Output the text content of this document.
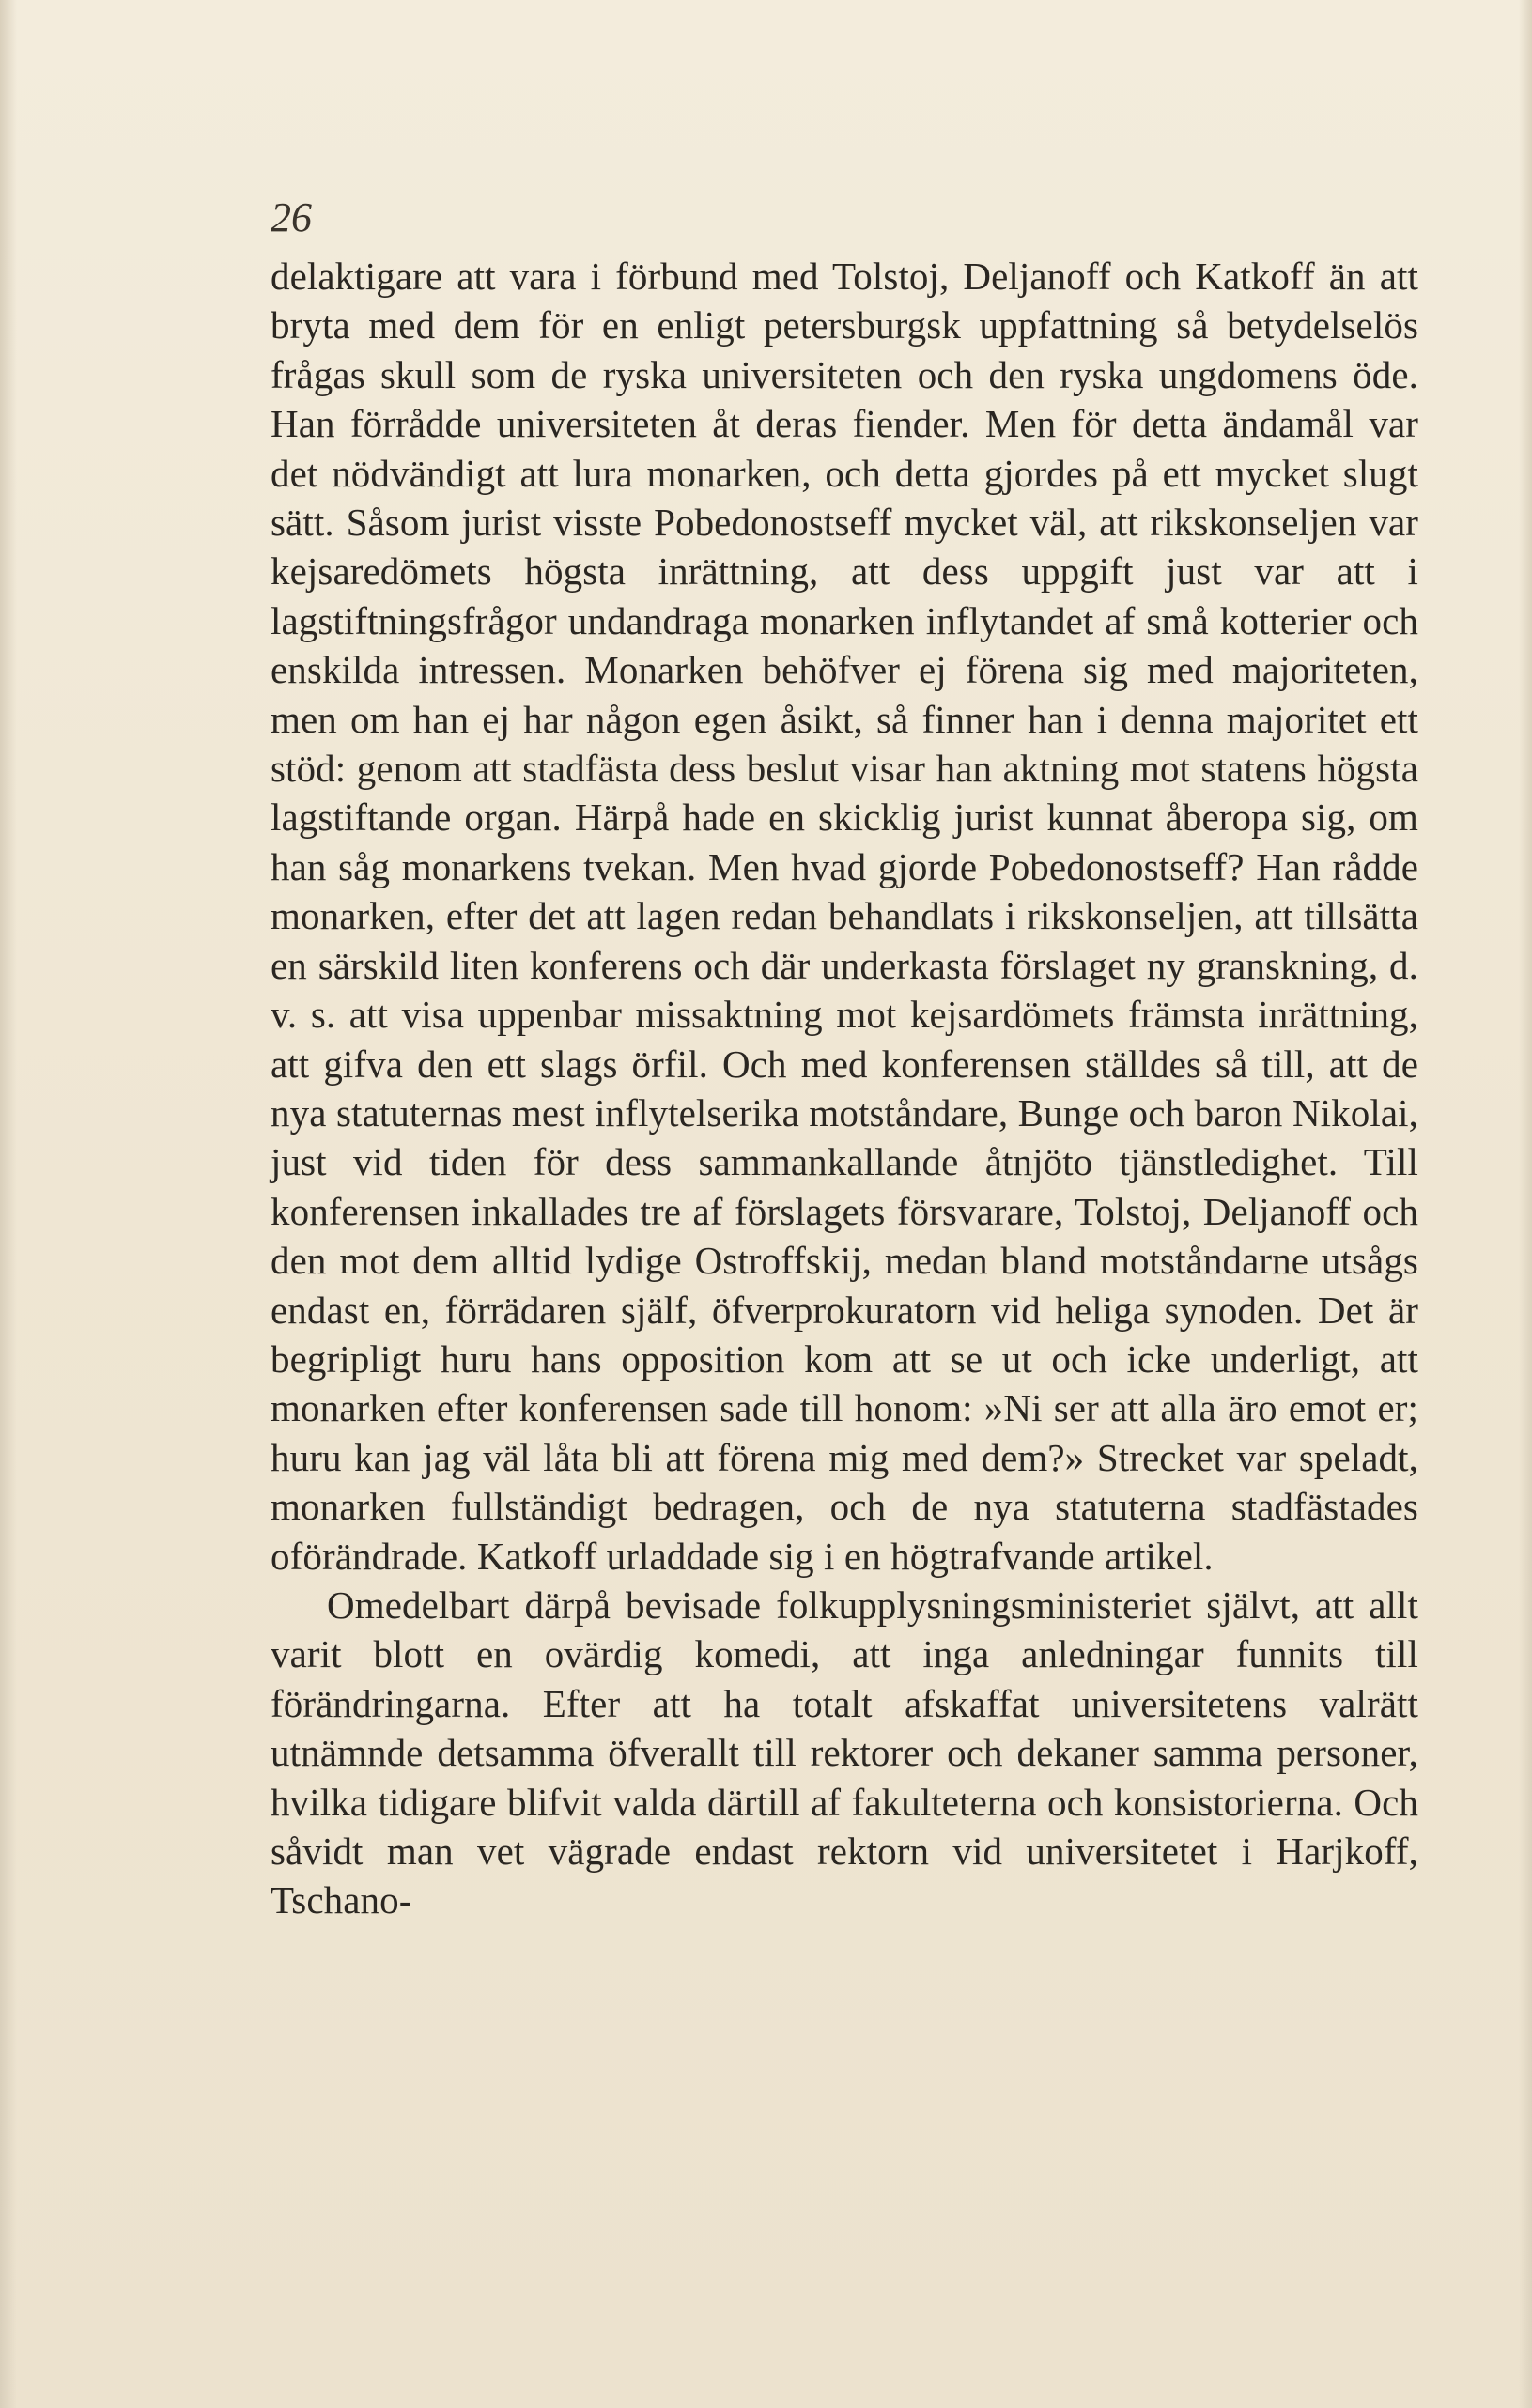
26

delaktigare att vara i förbund med Tolstoj, Deljanoff och Katkoff än att bryta med dem för en enligt petersburgsk uppfattning så betydelselös frågas skull som de ryska universiteten och den ryska ungdomens öde. Han förrådde universiteten åt deras fiender. Men för detta ändamål var det nödvändigt att lura monarken, och detta gjordes på ett mycket slugt sätt. Såsom jurist visste Pobedonostseff mycket väl, att rikskonseljen var kejsaredömets högsta inrättning, att dess uppgift just var att i lagstiftningsfrågor undandraga monarken inflytandet af små kotterier och enskilda intressen. Monarken behöfver ej förena sig med majoriteten, men om han ej har någon egen åsikt, så finner han i denna majoritet ett stöd: genom att stadfästa dess beslut visar han aktning mot statens högsta lagstiftande organ. Härpå hade en skicklig jurist kunnat åberopa sig, om han såg monarkens tvekan. Men hvad gjorde Pobedonostseff? Han rådde monarken, efter det att lagen redan behandlats i rikskonseljen, att tillsätta en särskild liten konferens och där underkasta förslaget ny granskning, d. v. s. att visa uppenbar missaktning mot kejsardömets främsta inrättning, att gifva den ett slags örfil. Och med konferensen ställdes så till, att de nya statuternas mest inflytelserika motståndare, Bunge och baron Nikolai, just vid tiden för dess sammankallande åtnjöto tjänstledighet. Till konferensen inkallades tre af förslagets försvarare, Tolstoj, Deljanoff och den mot dem alltid lydige Ostroffskij, medan bland motståndarne utsågs endast en, förrädaren själf, öfverprokuratorn vid heliga synoden. Det är begripligt huru hans opposition kom att se ut och icke underligt, att monarken efter konferensen sade till honom: »Ni ser att alla äro emot er; huru kan jag väl låta bli att förena mig med dem?» Strecket var speladt, monarken fullständigt bedragen, och de nya statuterna stadfästades oförändrade. Katkoff urladdade sig i en högtrafvande artikel.

Omedelbart därpå bevisade folkupplysningsministeriet självt, att allt varit blott en ovärdig komedi, att inga anledningar funnits till förändringarna. Efter att ha totalt afskaffat universitetens valrätt utnämnde detsamma öfverallt till rektorer och dekaner samma personer, hvilka tidigare blifvit valda därtill af fakulteterna och konsistorierna. Och såvidt man vet vägrade endast rektorn vid universitetet i Harjkoff, Tschano-
